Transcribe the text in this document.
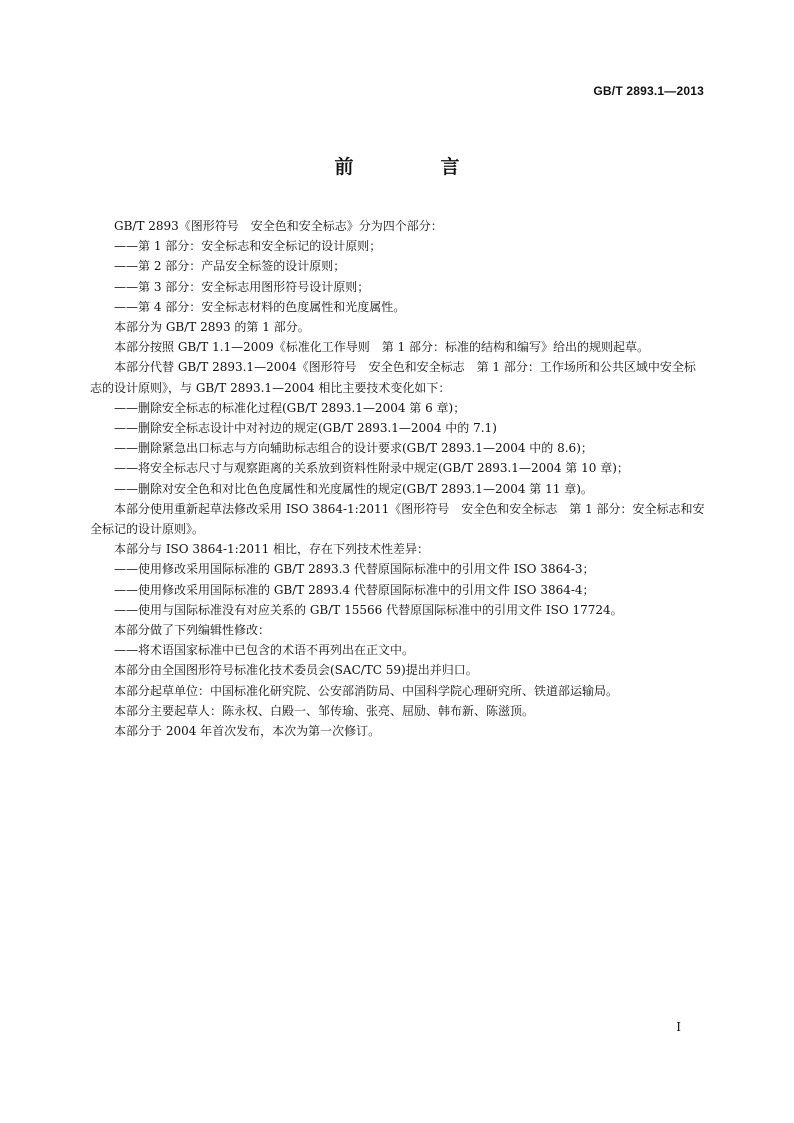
GB/T 2893.1—2013
前　言

GB/T 2893《图形符号　安全色和安全标志》分为四个部分：

——第 1 部分：安全标志和安全标记的设计原则；

——第 2 部分：产品安全标签的设计原则；

——第 3 部分：安全标志用图形符号设计原则；

——第 4 部分：安全标志材料的色度属性和光度属性。

本部分为 GB/T 2893 的第 1 部分。

本部分按照 GB/T 1.1—2009《标准化工作导则　第 1 部分：标准的结构和编写》给出的规则起草。

本部分代替 GB/T 2893.1—2004《图形符号　安全色和安全标志　第 1 部分：工作场所和公共区域中安全标志的设计原则》，与 GB/T 2893.1—2004 相比主要技术变化如下：

——删除安全标志的标准化过程(GB/T 2893.1—2004 第 6 章)；

——删除安全标志设计中对衬边的规定(GB/T 2893.1—2004 中的 7.1)

——删除紧急出口标志与方向辅助标志组合的设计要求(GB/T 2893.1—2004 中的 8.6)；

——将安全标志尺寸与观察距离的关系放到资料性附录中规定(GB/T 2893.1—2004 第 10 章)；

——删除对安全色和对比色色度属性和光度属性的规定(GB/T 2893.1—2004 第 11 章)。

本部分使用重新起草法修改采用 ISO 3864-1:2011《图形符号　安全色和安全标志　第 1 部分：安全标志和安全标记的设计原则》。

本部分与 ISO 3864-1:2011 相比，存在下列技术性差异：

——使用修改采用国际标准的 GB/T 2893.3 代替原国际标准中的引用文件 ISO 3864-3；

——使用修改采用国际标准的 GB/T 2893.4 代替原国际标准中的引用文件 ISO 3864-4；

——使用与国际标准没有对应关系的 GB/T 15566 代替原国际标准中的引用文件 ISO 17724。

本部分做了下列编辑性修改：

——将术语国家标准中已包含的术语不再列出在正文中。

本部分由全国图形符号标准化技术委员会(SAC/TC 59)提出并归口。

本部分起草单位：中国标准化研究院、公安部消防局、中国科学院心理研究所、铁道部运输局。

本部分主要起草人：陈永权、白殿一、邹传瑜、张亮、屈励、韩布新、陈滋顶。

本部分于 2004 年首次发布，本次为第一次修订。

I
